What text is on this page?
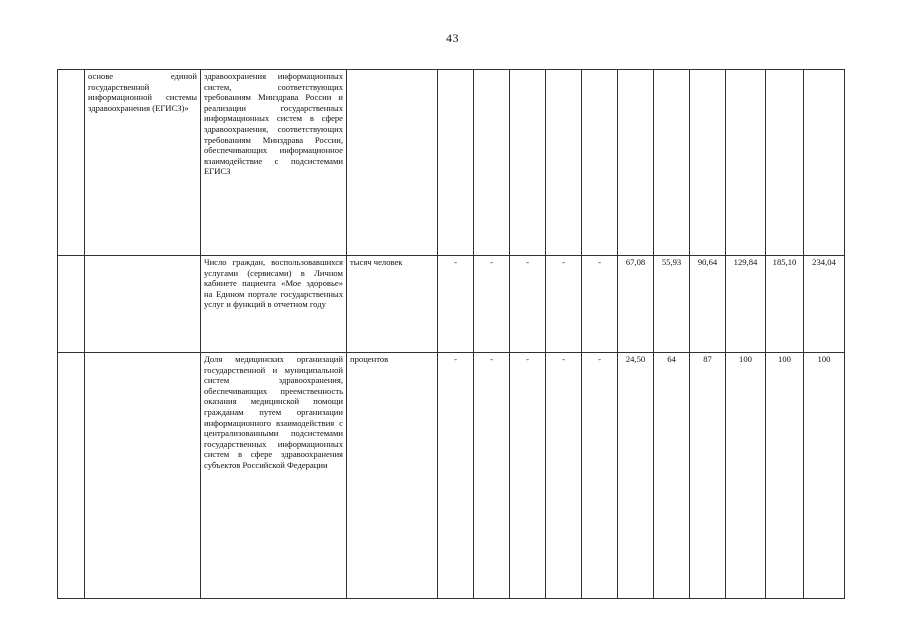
43
	основе единой государственной информационной системы здравоохранения (ЕГИСЗ)»	здравоохранения информационных систем, соответствующих требованиям Минздрава России и реализации государственных информационных систем в сфере здравоохранения, соответствующих требованиям Минздрава России, обеспечивающих информационное взаимодействие с подсистемами ЕГИСЗ												
		Число граждан, воспользовавшихся услугами (сервисами) в Личном кабинете пациента «Мое здоровье» на Едином портале государственных услуг и функций в отчетном году	тысяч человек	-	-	-	-	-	67,08	55,93	90,64	129,84	185,10	234,04
		Доля медицинских организаций государственной и муниципальной систем здравоохранения, обеспечивающих преемственность оказания медицинской помощи гражданам путем организации информационного взаимодействия с централизованными подсистемами государственных информационных систем в сфере здравоохранения субъектов Российской Федерации	процентов	-	-	-	-	-	24,50	64	87	100	100	100
